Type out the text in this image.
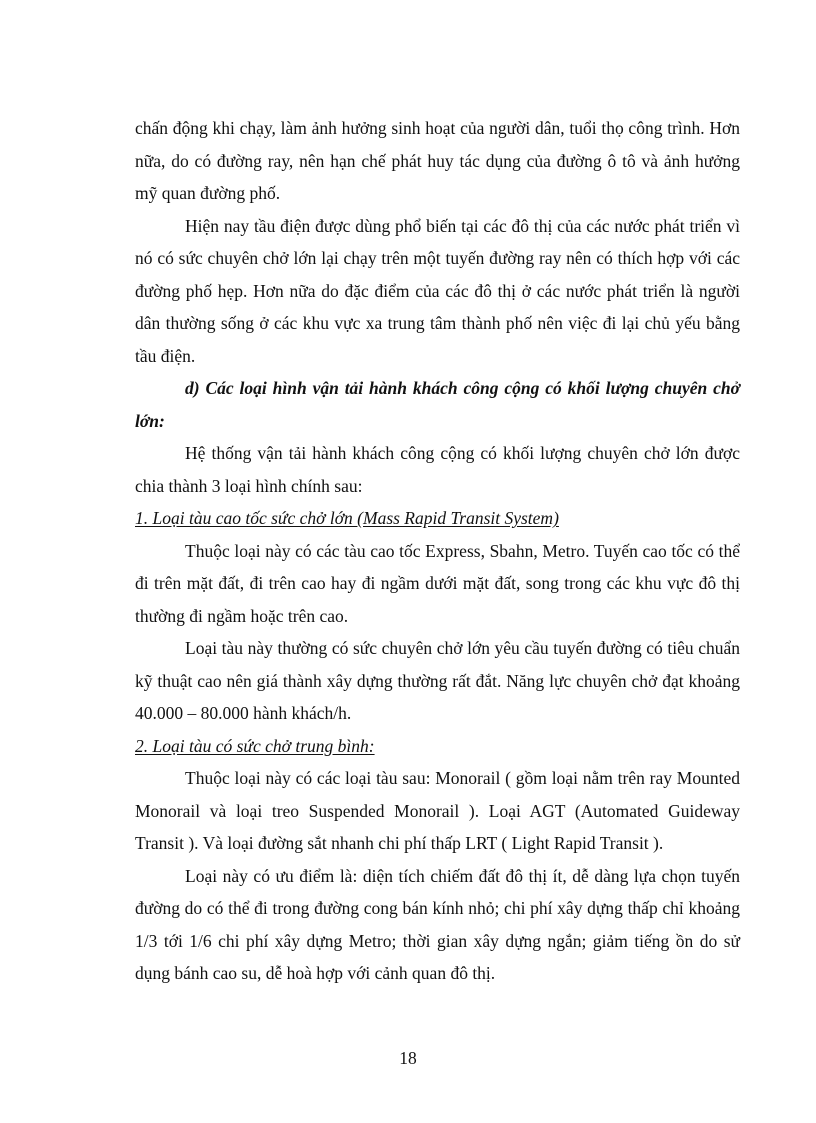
chấn động khi chạy, làm ảnh hưởng sinh hoạt của người dân, tuổi thọ công trình. Hơn nữa, do có đường ray, nên hạn chế phát huy tác dụng của đường ô tô và ảnh hưởng mỹ quan đường phố.

Hiện nay tầu điện được dùng phổ biến tại các đô thị của các nước phát triển vì nó có sức chuyên chở lớn lại chạy trên một tuyến đường ray nên có thích hợp với các đường phố hẹp. Hơn nữa do đặc điểm của các đô thị ở các nước phát triển là người dân thường sống ở các khu vực xa trung tâm thành phố nên việc đi lại chủ yếu bằng tầu điện.

d) Các loại hình vận tải hành khách công cộng có khối lượng chuyên chở lớn:

Hệ thống vận tải hành khách công cộng có khối lượng chuyên chở lớn được chia thành 3 loại hình chính sau:

1. Loại tàu cao tốc sức chở lớn (Mass Rapid Transit System)

Thuộc loại này có các tàu cao tốc Express, Sbahn, Metro. Tuyến cao tốc có thể đi trên mặt đất, đi trên cao hay đi ngầm dưới mặt đất, song trong các khu vực đô thị thường đi ngầm hoặc trên cao.

Loại tàu này thường có sức chuyên chở lớn yêu cầu tuyến đường có tiêu chuẩn kỹ thuật cao nên giá thành xây dựng thường rất đắt. Năng lực chuyên chở đạt khoảng 40.000 – 80.000 hành khách/h.

2. Loại tàu có sức chở trung bình:

Thuộc loại này có các loại tàu sau: Monorail ( gồm loại nằm trên ray Mounted Monorail và loại treo Suspended Monorail ). Loại AGT (Automated Guideway Transit ). Và loại đường sắt nhanh chi phí thấp LRT ( Light Rapid Transit ).

Loại này có ưu điểm là: diện tích chiếm đất đô thị ít, dễ dàng lựa chọn tuyến đường do có thể đi trong đường cong bán kính nhỏ; chi phí xây dựng thấp chỉ khoảng 1/3 tới 1/6 chi phí xây dựng Metro; thời gian xây dựng ngắn; giảm tiếng ồn do sử dụng bánh cao su, dễ hoà hợp với cảnh quan đô thị.

18
